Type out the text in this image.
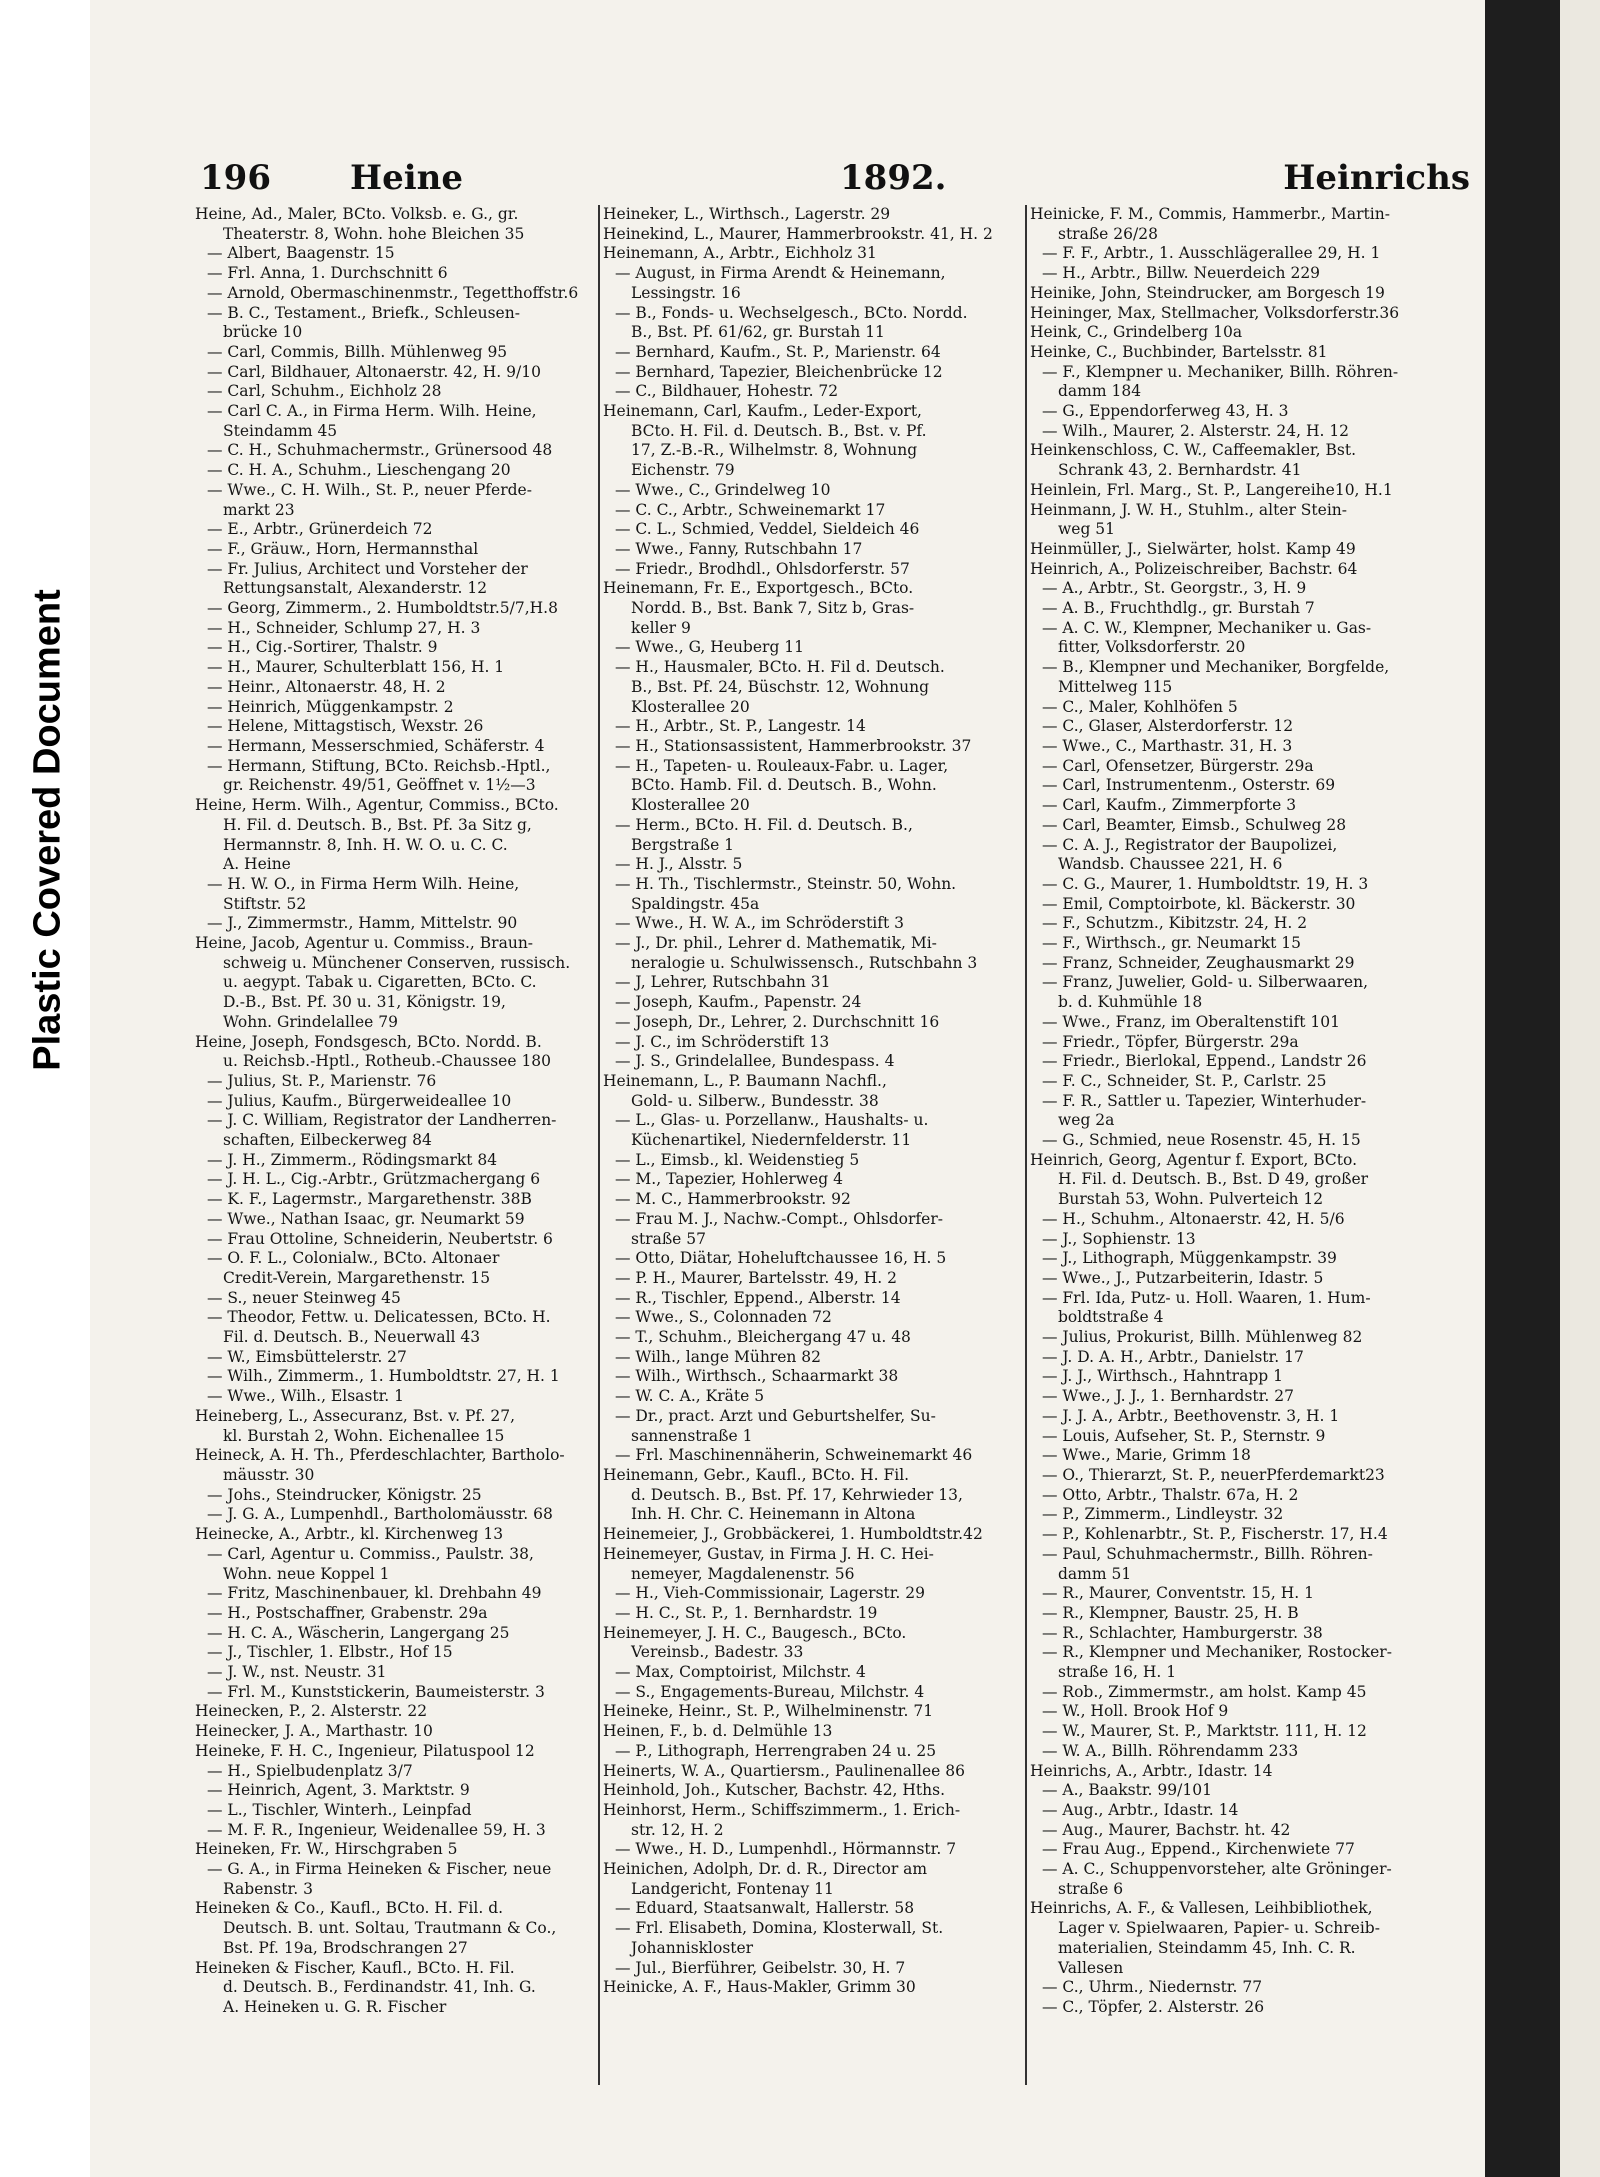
Plastic Covered Document
196 Heine	1892.	Heinrichs
Heine, Ad., Maler, BCto. Volksb. e. G., gr.
Theaterstr. 8, Wohn. hohe Bleichen 35
— Albert, Baagenstr. 15
— Frl. Anna, 1. Durchschnitt 6
— Arnold, Obermaschinenmstr., Tegetthoffstr.6
— B. C., Testament., Briefk., Schleusen-
brücke 10
— Carl, Commis, Billh. Mühlenweg 95
— Carl, Bildhauer, Altonaerstr. 42, H. 9/10
— Carl, Schuhm., Eichholz 28
— Carl C. A., in Firma Herm. Wilh. Heine,
Steindamm 45
— C. H., Schuhmachermstr., Grünersood 48
— C. H. A., Schuhm., Lieschengang 20
— Wwe., C. H. Wilh., St. P., neuer Pferde-
markt 23
— E., Arbtr., Grünerdeich 72
— F., Gräuw., Horn, Hermannsthal
— Fr. Julius, Architect und Vorsteher der
Rettungsanstalt, Alexanderstr. 12
— Georg, Zimmerm., 2. Humboldtstr.5/7,H.8
— H., Schneider, Schlump 27, H. 3
— H., Cig.-Sortirer, Thalstr. 9
— H., Maurer, Schulterblatt 156, H. 1
— Heinr., Altonaerstr. 48, H. 2
— Heinrich, Müggenkampstr. 2
— Helene, Mittagstisch, Wexstr. 26
— Hermann, Messerschmied, Schäferstr. 4
— Hermann, Stiftung, BCto. Reichsb.-Hptl.,
gr. Reichenstr. 49/51, Geöffnet v. 1½—3
Heine, Herm. Wilh., Agentur, Commiss., BCto.
H. Fil. d. Deutsch. B., Bst. Pf. 3a Sitz g,
Hermannstr. 8, Inh. H. W. O. u. C. C.
A. Heine
— H. W. O., in Firma Herm Wilh. Heine,
Stiftstr. 52
— J., Zimmermstr., Hamm, Mittelstr. 90
Heine, Jacob, Agentur u. Commiss., Braun-
schweig u. Münchener Conserven, russisch.
u. aegypt. Tabak u. Cigaretten, BCto. C.
D.-B., Bst. Pf. 30 u. 31, Königstr. 19,
Wohn. Grindelallee 79
Heine, Joseph, Fondsgesch, BCto. Nordd. B.
u. Reichsb.-Hptl., Rotheub.-Chaussee 180
— Julius, St. P., Marienstr. 76
— Julius, Kaufm., Bürgerweideallee 10
— J. C. William, Registrator der Landherren-
schaften, Eilbeckerweg 84
— J. H., Zimmerm., Rödingsmarkt 84
— J. H. L., Cig.-Arbtr., Grützmachergang 6
— K. F., Lagermstr., Margarethenstr. 38B
— Wwe., Nathan Isaac, gr. Neumarkt 59
— Frau Ottoline, Schneiderin, Neubertstr. 6
— O. F. L., Colonialw., BCto. Altonaer
Credit-Verein, Margarethenstr. 15
— S., neuer Steinweg 45
— Theodor, Fettw. u. Delicatessen, BCto. H.
Fil. d. Deutsch. B., Neuerwall 43
— W., Eimsbüttelerstr. 27
— Wilh., Zimmerm., 1. Humboldtstr. 27, H. 1
— Wwe., Wilh., Elsastr. 1
Heineberg, L., Assecuranz, Bst. v. Pf. 27,
kl. Burstah 2, Wohn. Eichenallee 15
Heineck, A. H. Th., Pferdeschlachter, Bartholo-
mäusstr. 30
— Johs., Steindrucker, Königstr. 25
— J. G. A., Lumpenhdl., Bartholomäusstr. 68
Heinecke, A., Arbtr., kl. Kirchenweg 13
— Carl, Agentur u. Commiss., Paulstr. 38,
Wohn. neue Koppel 1
— Fritz, Maschinenbauer, kl. Drehbahn 49
— H., Postschaffner, Grabenstr. 29a
— H. C. A., Wäscherin, Langergang 25
— J., Tischler, 1. Elbstr., Hof 15
— J. W., nst. Neustr. 31
— Frl. M., Kunststickerin, Baumeisterstr. 3
Heinecken, P., 2. Alsterstr. 22
Heinecker, J. A., Marthastr. 10
Heineke, F. H. C., Ingenieur, Pilatuspool 12
— H., Spielbudenplatz 3/7
— Heinrich, Agent, 3. Marktstr. 9
— L., Tischler, Winterh., Leinpfad
— M. F. R., Ingenieur, Weidenallee 59, H. 3
Heineken, Fr. W., Hirschgraben 5
— G. A., in Firma Heineken & Fischer, neue
Rabenstr. 3
Heineken & Co., Kaufl., BCto. H. Fil. d.
Deutsch. B. unt. Soltau, Trautmann & Co.,
Bst. Pf. 19a, Brodschrangen 27
Heineken & Fischer, Kaufl., BCto. H. Fil.
d. Deutsch. B., Ferdinandstr. 41, Inh. G.
A. Heineken u. G. R. Fischer
Heineker, L., Wirthsch., Lagerstr. 29
Heinekind, L., Maurer, Hammerbrookstr. 41, H. 2
Heinemann, A., Arbtr., Eichholz 31
— August, in Firma Arendt & Heinemann,
Lessingstr. 16
— B., Fonds- u. Wechselgesch., BCto. Nordd.
B., Bst. Pf. 61/62, gr. Burstah 11
— Bernhard, Kaufm., St. P., Marienstr. 64
— Bernhard, Tapezier, Bleichenbrücke 12
— C., Bildhauer, Hohestr. 72
Heinemann, Carl, Kaufm., Leder-Export,
BCto. H. Fil. d. Deutsch. B., Bst. v. Pf.
17, Z.-B.-R., Wilhelmstr. 8, Wohnung
Eichenstr. 79
— Wwe., C., Grindelweg 10
— C. C., Arbtr., Schweinemarkt 17
— C. L., Schmied, Veddel, Sieldeich 46
— Wwe., Fanny, Rutschbahn 17
— Friedr., Brodhdl., Ohlsdorferstr. 57
Heinemann, Fr. E., Exportgesch., BCto.
Nordd. B., Bst. Bank 7, Sitz b, Gras-
keller 9
— Wwe., G, Heuberg 11
— H., Hausmaler, BCto. H. Fil d. Deutsch.
B., Bst. Pf. 24, Büschstr. 12, Wohnung
Klosterallee 20
— H., Arbtr., St. P., Langestr. 14
— H., Stationsassistent, Hammerbrookstr. 37
— H., Tapeten- u. Rouleaux-Fabr. u. Lager,
BCto. Hamb. Fil. d. Deutsch. B., Wohn.
Klosterallee 20
— Herm., BCto. H. Fil. d. Deutsch. B.,
Bergstraße 1
— H. J., Alsstr. 5
— H. Th., Tischlermstr., Steinstr. 50, Wohn.
Spaldingstr. 45a
— Wwe., H. W. A., im Schröderstift 3
— J., Dr. phil., Lehrer d. Mathematik, Mi-
neralogie u. Schulwissensch., Rutschbahn 3
— J, Lehrer, Rutschbahn 31
— Joseph, Kaufm., Papenstr. 24
— Joseph, Dr., Lehrer, 2. Durchschnitt 16
— J. C., im Schröderstift 13
— J. S., Grindelallee, Bundespass. 4
Heinemann, L., P. Baumann Nachfl.,
Gold- u. Silberw., Bundesstr. 38
— L., Glas- u. Porzellanw., Haushalts- u.
Küchenartikel, Niedernfelderstr. 11
— L., Eimsb., kl. Weidenstieg 5
— M., Tapezier, Hohlerweg 4
— M. C., Hammerbrookstr. 92
— Frau M. J., Nachw.-Compt., Ohlsdorfer-
straße 57
— Otto, Diätar, Hoheluftchaussee 16, H. 5
— P. H., Maurer, Bartelsstr. 49, H. 2
— R., Tischler, Eppend., Alberstr. 14
— Wwe., S., Colonnaden 72
— T., Schuhm., Bleichergang 47 u. 48
— Wilh., lange Mühren 82
— Wilh., Wirthsch., Schaarmarkt 38
— W. C. A., Kräte 5
— Dr., pract. Arzt und Geburtshelfer, Su-
sannenstraße 1
— Frl. Maschinennäherin, Schweinemarkt 46
Heinemann, Gebr., Kaufl., BCto. H. Fil.
d. Deutsch. B., Bst. Pf. 17, Kehrwieder 13,
Inh. H. Chr. C. Heinemann in Altona
Heinemeier, J., Grobbäckerei, 1. Humboldtstr.42
Heinemeyer, Gustav, in Firma J. H. C. Hei-
nemeyer, Magdalenenstr. 56
— H., Vieh-Commissionair, Lagerstr. 29
— H. C., St. P., 1. Bernhardstr. 19
Heinemeyer, J. H. C., Baugesch., BCto.
Vereinsb., Badestr. 33
— Max, Comptoirist, Milchstr. 4
— S., Engagements-Bureau, Milchstr. 4
Heineke, Heinr., St. P., Wilhelminenstr. 71
Heinen, F., b. d. Delmühle 13
— P., Lithograph, Herrengraben 24 u. 25
Heinerts, W. A., Quartiersm., Paulinenallee 86
Heinhold, Joh., Kutscher, Bachstr. 42, Hths.
Heinhorst, Herm., Schiffszimmerm., 1. Erich-
str. 12, H. 2
— Wwe., H. D., Lumpenhdl., Hörmannstr. 7
Heinichen, Adolph, Dr. d. R., Director am
Landgericht, Fontenay 11
— Eduard, Staatsanwalt, Hallerstr. 58
— Frl. Elisabeth, Domina, Klosterwall, St.
Johanniskloster
— Jul., Bierführer, Geibelstr. 30, H. 7
Heinicke, A. F., Haus-Makler, Grimm 30
Heinicke, F. M., Commis, Hammerbr., Martin-
straße 26/28
— F. F., Arbtr., 1. Ausschlägerallee 29, H. 1
— H., Arbtr., Billw. Neuerdeich 229
Heinike, John, Steindrucker, am Borgesch 19
Heininger, Max, Stellmacher, Volksdorferstr.36
Heink, C., Grindelberg 10a
Heinke, C., Buchbinder, Bartelsstr. 81
— F., Klempner u. Mechaniker, Billh. Röhren-
damm 184
— G., Eppendorferweg 43, H. 3
— Wilh., Maurer, 2. Alsterstr. 24, H. 12
Heinkenschloss, C. W., Caffeemakler, Bst.
Schrank 43, 2. Bernhardstr. 41
Heinlein, Frl. Marg., St. P., Langereihe10, H.1
Heinmann, J. W. H., Stuhlm., alter Stein-
weg 51
Heinmüller, J., Sielwärter, holst. Kamp 49
Heinrich, A., Polizeischreiber, Bachstr. 64
— A., Arbtr., St. Georgstr., 3, H. 9
— A. B., Fruchthdlg., gr. Burstah 7
— A. C. W., Klempner, Mechaniker u. Gas-
fitter, Volksdorferstr. 20
— B., Klempner und Mechaniker, Borgfelde,
Mittelweg 115
— C., Maler, Kohlhöfen 5
— C., Glaser, Alsterdorferstr. 12
— Wwe., C., Marthastr. 31, H. 3
— Carl, Ofensetzer, Bürgerstr. 29a
— Carl, Instrumentenm., Osterstr. 69
— Carl, Kaufm., Zimmerpforte 3
— Carl, Beamter, Eimsb., Schulweg 28
— C. A. J., Registrator der Baupolizei,
Wandsb. Chaussee 221, H. 6
— C. G., Maurer, 1. Humboldtstr. 19, H. 3
— Emil, Comptoirbote, kl. Bäckerstr. 30
— F., Schutzm., Kibitzstr. 24, H. 2
— F., Wirthsch., gr. Neumarkt 15
— Franz, Schneider, Zeughausmarkt 29
— Franz, Juwelier, Gold- u. Silberwaaren,
b. d. Kuhmühle 18
— Wwe., Franz, im Oberaltenstift 101
— Friedr., Töpfer, Bürgerstr. 29a
— Friedr., Bierlokal, Eppend., Landstr 26
— F. C., Schneider, St. P., Carlstr. 25
— F. R., Sattler u. Tapezier, Winterhuder-
weg 2a
— G., Schmied, neue Rosenstr. 45, H. 15
Heinrich, Georg, Agentur f. Export, BCto.
H. Fil. d. Deutsch. B., Bst. D 49, großer
Burstah 53, Wohn. Pulverteich 12
— H., Schuhm., Altonaerstr. 42, H. 5/6
— J., Sophienstr. 13
— J., Lithograph, Müggenkampstr. 39
— Wwe., J., Putzarbeiterin, Idastr. 5
— Frl. Ida, Putz- u. Holl. Waaren, 1. Hum-
boldtstraße 4
— Julius, Prokurist, Billh. Mühlenweg 82
— J. D. A. H., Arbtr., Danielstr. 17
— J. J., Wirthsch., Hahntrapp 1
— Wwe., J. J., 1. Bernhardstr. 27
— J. J. A., Arbtr., Beethovenstr. 3, H. 1
— Louis, Aufseher, St. P., Sternstr. 9
— Wwe., Marie, Grimm 18
— O., Thierarzt, St. P., neuerPferdemarkt23
— Otto, Arbtr., Thalstr. 67a, H. 2
— P., Zimmerm., Lindleystr. 32
— P., Kohlenarbtr., St. P., Fischerstr. 17, H.4
— Paul, Schuhmachermstr., Billh. Röhren-
damm 51
— R., Maurer, Conventstr. 15, H. 1
— R., Klempner, Baustr. 25, H. B
— R., Schlachter, Hamburgerstr. 38
— R., Klempner und Mechaniker, Rostocker-
straße 16, H. 1
— Rob., Zimmermstr., am holst. Kamp 45
— W., Holl. Brook Hof 9
— W., Maurer, St. P., Marktstr. 111, H. 12
— W. A., Billh. Röhrendamm 233
Heinrichs, A., Arbtr., Idastr. 14
— A., Baakstr. 99/101
— Aug., Arbtr., Idastr. 14
— Aug., Maurer, Bachstr. ht. 42
— Frau Aug., Eppend., Kirchenwiete 77
— A. C., Schuppenvorsteher, alte Gröninger-
straße 6
Heinrichs, A. F., & Vallesen, Leihbibliothek,
Lager v. Spielwaaren, Papier- u. Schreib-
materialien, Steindamm 45, Inh. C. R.
Vallesen
— C., Uhrm., Niedernstr. 77
— C., Töpfer, 2. Alsterstr. 26
